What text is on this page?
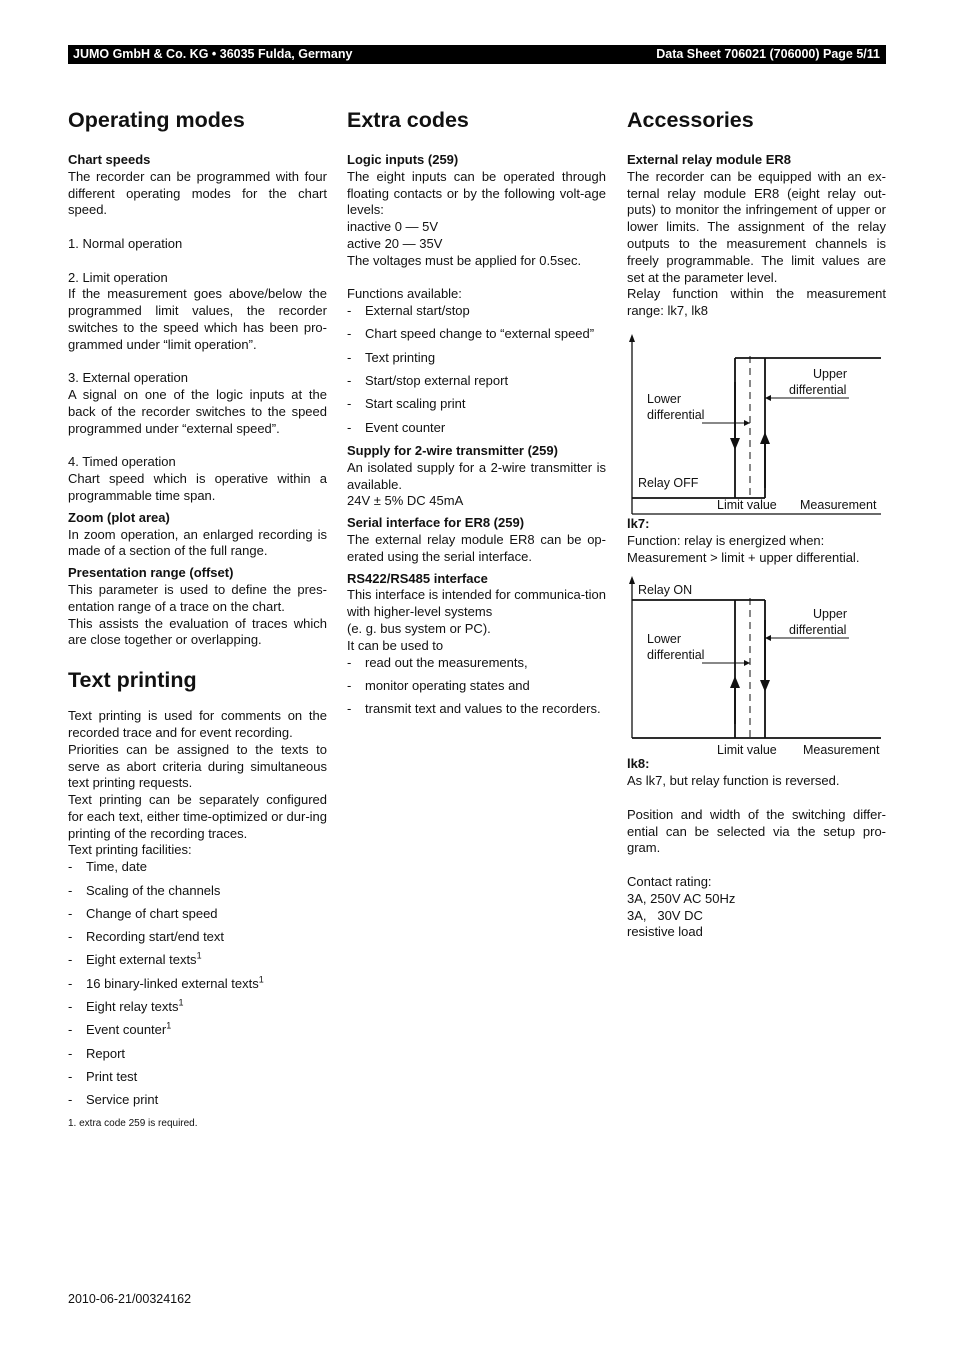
JUMO GmbH & Co. KG • 36035 Fulda, Germany	Data Sheet 706021 (706000) Page 5/11
Operating modes
Chart speeds

The recorder can be programmed with four different operating modes for the chart speed.

1. Normal operation

2. Limit operation

If the measurement goes above/below the programmed limit values, the recorder switches to the speed which has been pro-grammed under “limit operation”.

3. External operation

A signal on one of the logic inputs at the back of the recorder switches to the speed programmed under “external speed”.

4. Timed operation

Chart speed which is operative within a programmable time span.

Zoom (plot area)

In zoom operation, an enlarged recording is made of a section of the full range.

Presentation range (offset)

This parameter is used to define the pres-entation range of a trace on the chart.

This assists the evaluation of traces which are close together or overlapping.

Text printing

Text printing is used for comments on the recorded trace and for event recording.

Priorities can be assigned to the texts to serve as abort criteria during simultaneous text printing requests.

Text printing can be separately configured for each text, either time-optimized or dur-ing printing of the recording traces.

Text printing facilities:

- Time, date
- Scaling of the channels
- Change of chart speed
- Recording start/end text
- Eight external texts$^1$
- 16 binary-linked external texts$^1$
- Eight relay texts$^1$
- Event counter$^1$
- Report
- Print test
- Service print
1. extra code 259 is required.
Extra codes
Logic inputs (259)

The eight inputs can be operated through floating contacts or by the following volt-age levels:

inactive 0 — 5V

active 20 — 35V

The voltages must be applied for 0.5sec.

Functions available:

- External start/stop
- Chart speed change to “external speed”
- Text printing
- Start/stop external report
- Start scaling print
- Event counter
Supply for 2-wire transmitter (259)

An isolated supply for a 2-wire transmitter is available.

24V ± 5% DC 45mA

Serial interface for ER8 (259)

The external relay module ER8 can be op-erated using the serial interface.

RS422/RS485 interface

This interface is intended for communica-tion with higher-level systems

(e. g. bus system or PC).

It can be used to

- read out the measurements,
- monitor operating states and
- transmit text and values to the recorders.
Accessories
External relay module ER8

The recorder can be equipped with an ex-ternal relay module ER8 (eight relay out-puts) to monitor the infringement of upper or lower limits. The assignment of the relay outputs to the measurement channels is freely programmable. The limit values are set at the parameter level.

Relay function within the measurement range: lk7, lk8

Upper
differential
Lower
differential
Relay OFF
Limit value Measurement
lk7:

Function: relay is energized when:

Measurement > limit + upper differential.

Relay ON
Upper
differential
Lower
differential
Limit value Measurement
lk8:

As lk7, but relay function is reversed.

Position and width of the switching differ-ential can be selected via the setup pro-gram.

Contact rating:

3A, 250V AC 50Hz

3A,   30V DC

resistive load

2010-06-21/00324162
